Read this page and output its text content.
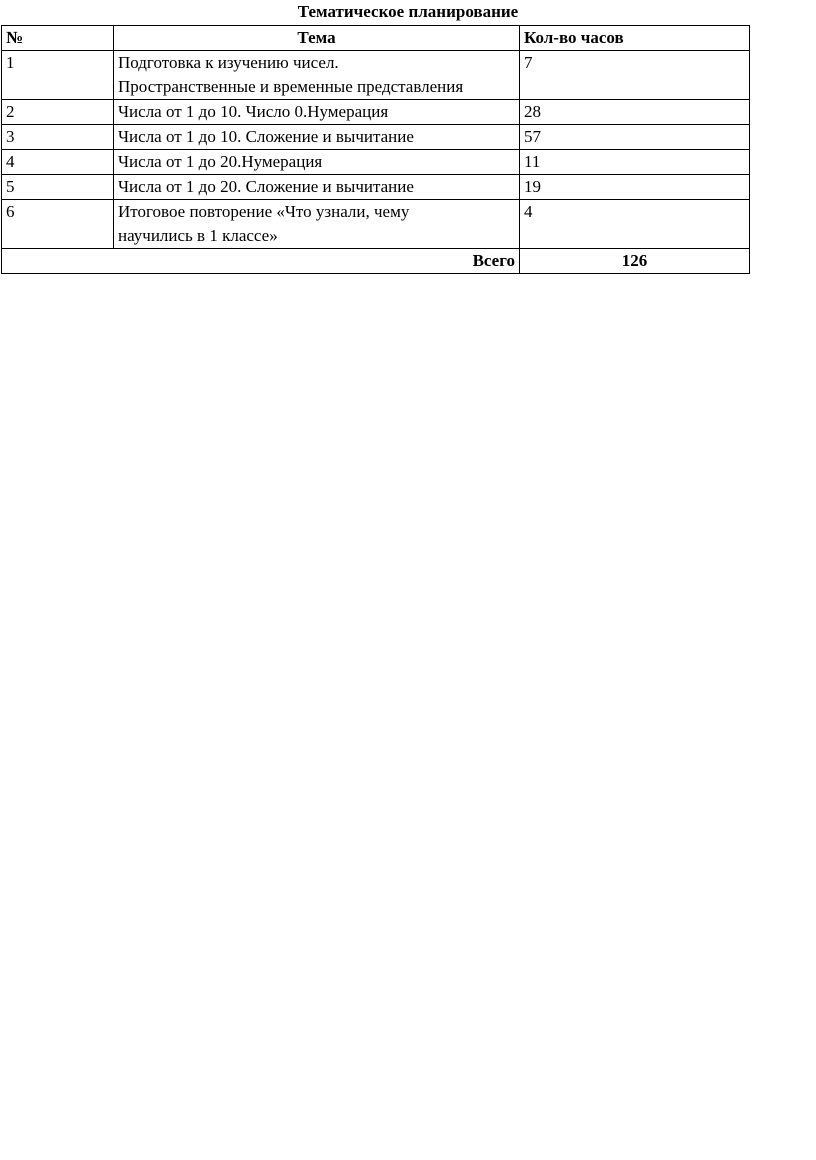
Тематическое планирование
№	Тема	Кол-во часов
1	Подготовка к изучению чисел.
Пространственные и временные представления	7
2	Числа от 1 до 10. Число 0.Нумерация	28
3	Числа от 1 до 10. Сложение и вычитание	57
4	Числа от 1 до 20.Нумерация	11
5	Числа от 1 до 20. Сложение и вычитание	19
6	Итоговое повторение «Что узнали, чему
научились в 1 классе»	4
Всего		126
